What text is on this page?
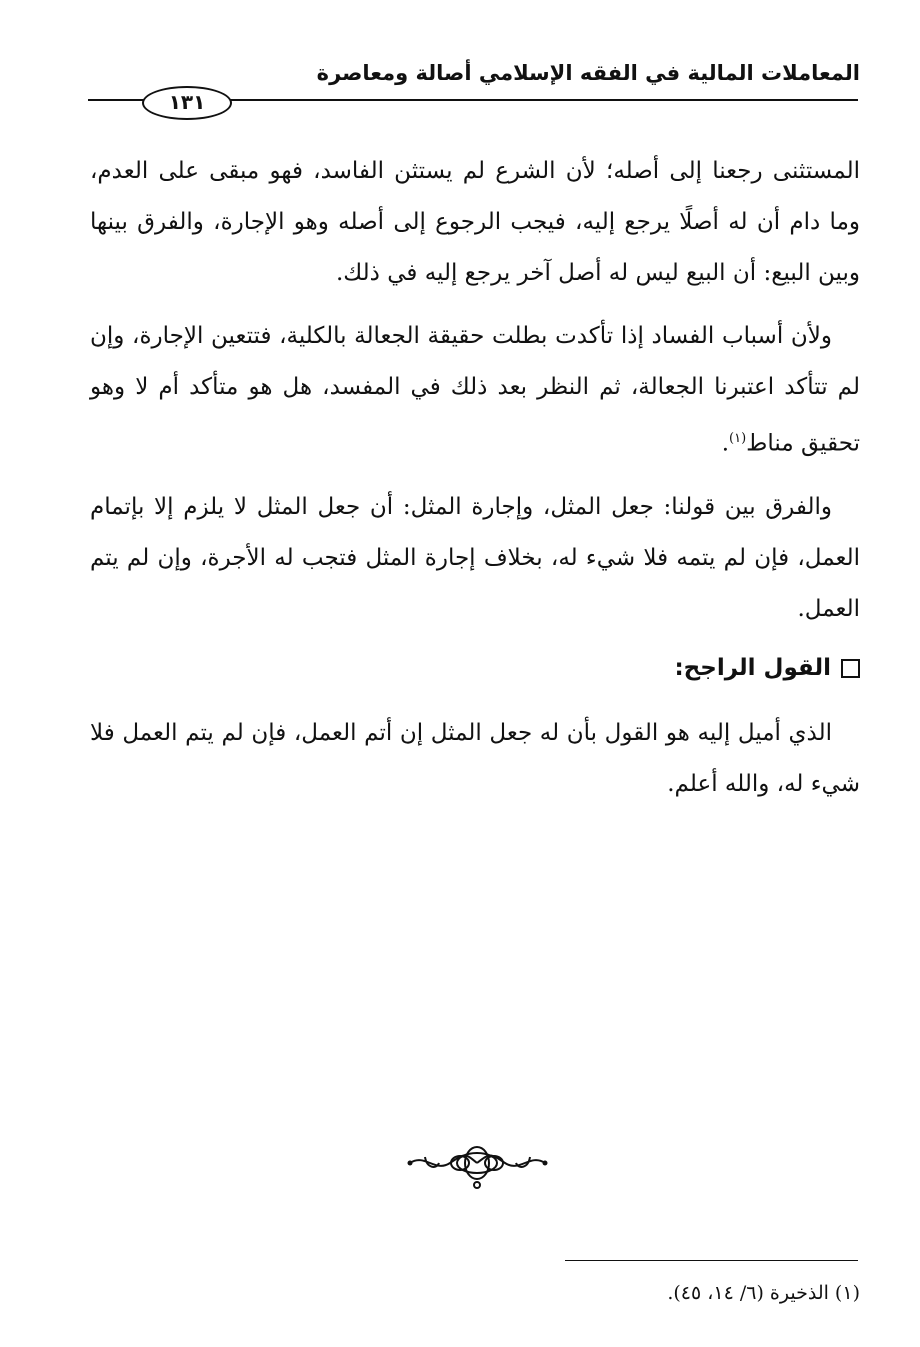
المعاملات المالية في الفقه الإسلامي أصالة ومعاصرة
١٣١

المستثنى رجعنا إلى أصله؛ لأن الشرع لم يستثن الفاسد، فهو مبقى على العدم، وما دام أن له أصلًا يرجع إليه، فيجب الرجوع إلى أصله وهو الإجارة، والفرق بينها وبين البيع: أن البيع ليس له أصل آخر يرجع إليه في ذلك.

ولأن أسباب الفساد إذا تأكدت بطلت حقيقة الجعالة بالكلية، فتتعين الإجارة، وإن لم تتأكد اعتبرنا الجعالة، ثم النظر بعد ذلك في المفسد، هل هو متأكد أم لا وهو تحقيق مناط$^{(١)}$.

والفرق بين قولنا: جعل المثل، وإجارة المثل: أن جعل المثل لا يلزم إلا بإتمام العمل، فإن لم يتمه فلا شيء له، بخلاف إجارة المثل فتجب له الأجرة، وإن لم يتم العمل.

القول الراجح:

الذي أميل إليه هو القول بأن له جعل المثل إن أتم العمل، فإن لم يتم العمل فلا شيء له، والله أعلم.

(١) الذخيرة (٦/ ١٤، ٤٥).
